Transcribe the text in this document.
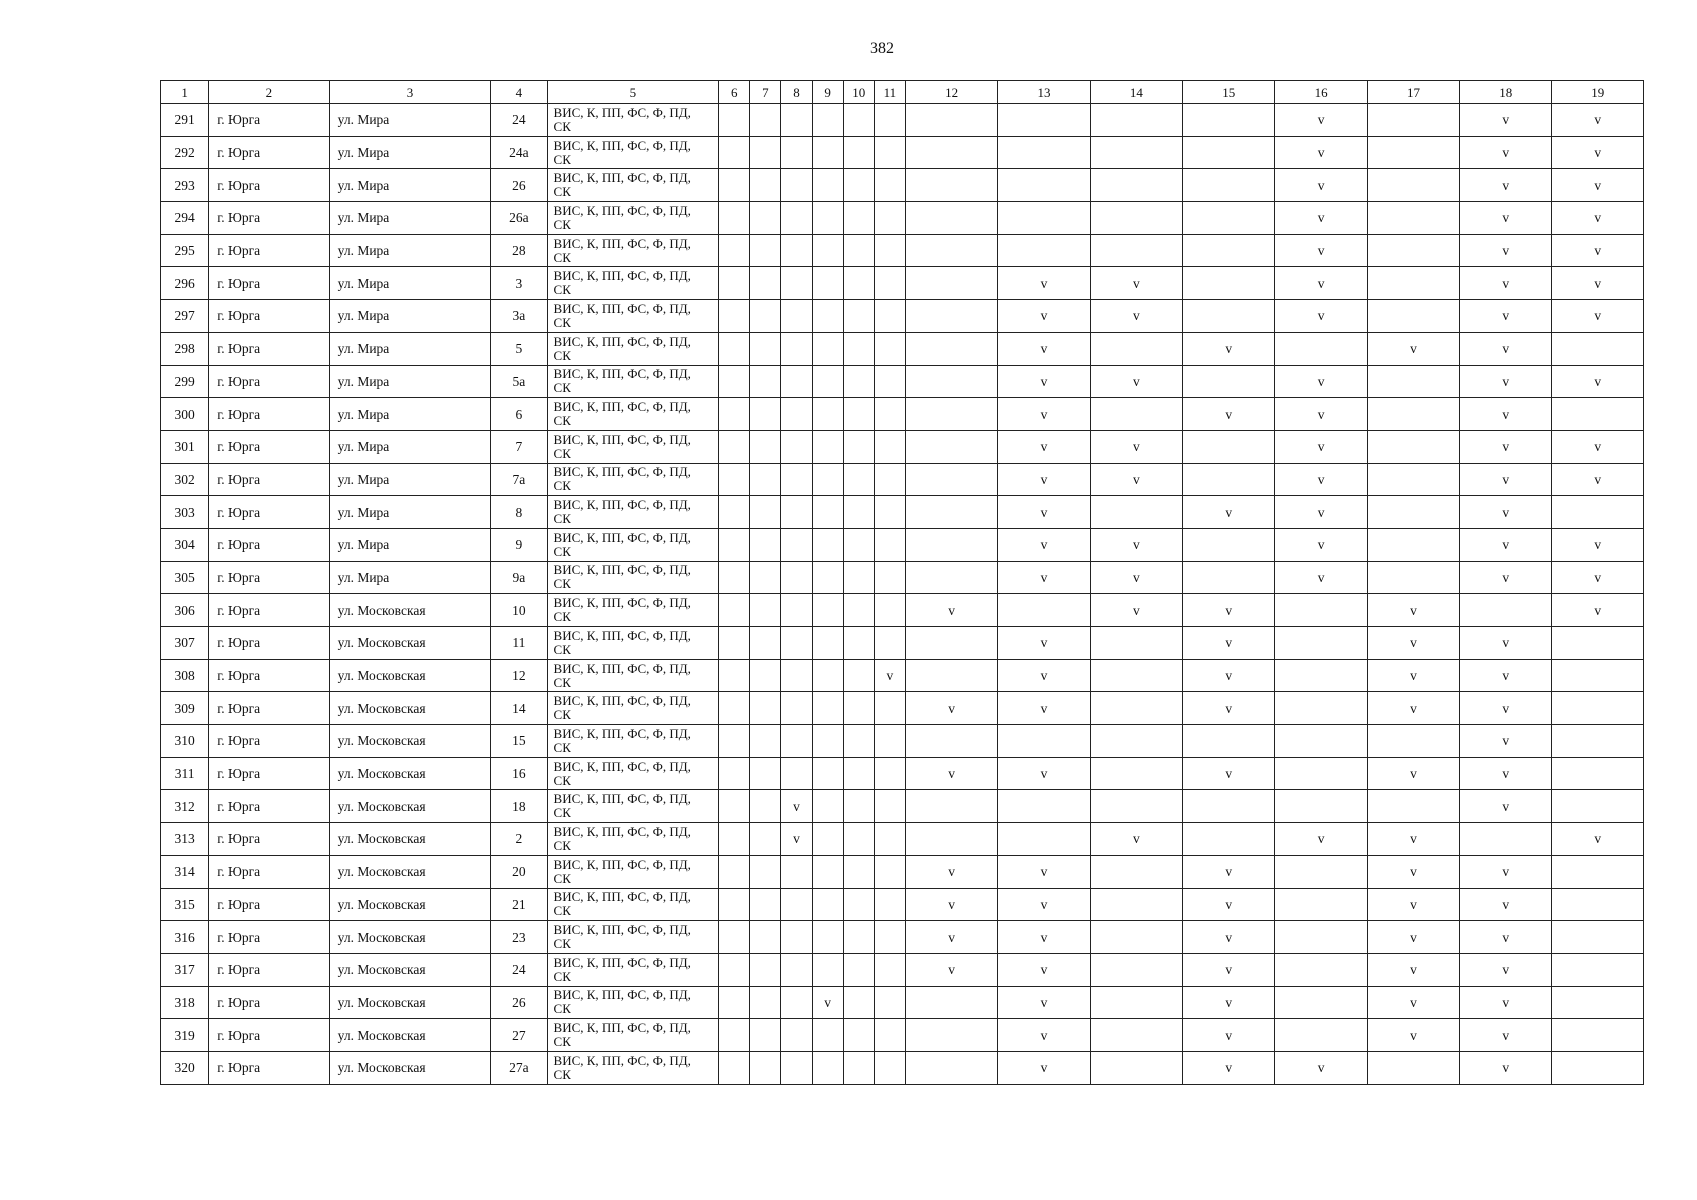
382
1	2	3	4	5	6	7	8	9	10	11	12	13	14	15	16	17	18	19
291	г. Юрга	ул. Мира	24	ВИС, К, ПП, ФС, Ф, ПД,
СК											v		v	v
292	г. Юрга	ул. Мира	24а	ВИС, К, ПП, ФС, Ф, ПД,
СК											v		v	v
293	г. Юрга	ул. Мира	26	ВИС, К, ПП, ФС, Ф, ПД,
СК											v		v	v
294	г. Юрга	ул. Мира	26а	ВИС, К, ПП, ФС, Ф, ПД,
СК											v		v	v
295	г. Юрга	ул. Мира	28	ВИС, К, ПП, ФС, Ф, ПД,
СК											v		v	v
296	г. Юрга	ул. Мира	3	ВИС, К, ПП, ФС, Ф, ПД,
СК								v	v		v		v	v
297	г. Юрга	ул. Мира	3а	ВИС, К, ПП, ФС, Ф, ПД,
СК								v	v		v		v	v
298	г. Юрга	ул. Мира	5	ВИС, К, ПП, ФС, Ф, ПД,
СК								v		v		v	v	
299	г. Юрга	ул. Мира	5а	ВИС, К, ПП, ФС, Ф, ПД,
СК								v	v		v		v	v
300	г. Юрга	ул. Мира	6	ВИС, К, ПП, ФС, Ф, ПД,
СК								v		v	v		v	
301	г. Юрга	ул. Мира	7	ВИС, К, ПП, ФС, Ф, ПД,
СК								v	v		v		v	v
302	г. Юрга	ул. Мира	7а	ВИС, К, ПП, ФС, Ф, ПД,
СК								v	v		v		v	v
303	г. Юрга	ул. Мира	8	ВИС, К, ПП, ФС, Ф, ПД,
СК								v		v	v		v	
304	г. Юрга	ул. Мира	9	ВИС, К, ПП, ФС, Ф, ПД,
СК								v	v		v		v	v
305	г. Юрга	ул. Мира	9а	ВИС, К, ПП, ФС, Ф, ПД,
СК								v	v		v		v	v
306	г. Юрга	ул. Московская	10	ВИС, К, ПП, ФС, Ф, ПД,
СК							v		v	v		v		v
307	г. Юрга	ул. Московская	11	ВИС, К, ПП, ФС, Ф, ПД,
СК								v		v		v	v	
308	г. Юрга	ул. Московская	12	ВИС, К, ПП, ФС, Ф, ПД,
СК						v		v		v		v	v	
309	г. Юрга	ул. Московская	14	ВИС, К, ПП, ФС, Ф, ПД,
СК							v	v		v		v	v	
310	г. Юрга	ул. Московская	15	ВИС, К, ПП, ФС, Ф, ПД,
СК													v	
311	г. Юрга	ул. Московская	16	ВИС, К, ПП, ФС, Ф, ПД,
СК							v	v		v		v	v	
312	г. Юрга	ул. Московская	18	ВИС, К, ПП, ФС, Ф, ПД,
СК			v										v	
313	г. Юрга	ул. Московская	2	ВИС, К, ПП, ФС, Ф, ПД,
СК			v						v		v	v		v
314	г. Юрга	ул. Московская	20	ВИС, К, ПП, ФС, Ф, ПД,
СК							v	v		v		v	v	
315	г. Юрга	ул. Московская	21	ВИС, К, ПП, ФС, Ф, ПД,
СК							v	v		v		v	v	
316	г. Юрга	ул. Московская	23	ВИС, К, ПП, ФС, Ф, ПД,
СК							v	v		v		v	v	
317	г. Юрга	ул. Московская	24	ВИС, К, ПП, ФС, Ф, ПД,
СК							v	v		v		v	v	
318	г. Юрга	ул. Московская	26	ВИС, К, ПП, ФС, Ф, ПД,
СК				v				v		v		v	v	
319	г. Юрга	ул. Московская	27	ВИС, К, ПП, ФС, Ф, ПД,
СК								v		v		v	v	
320	г. Юрга	ул. Московская	27а	ВИС, К, ПП, ФС, Ф, ПД,
СК								v		v	v		v	
